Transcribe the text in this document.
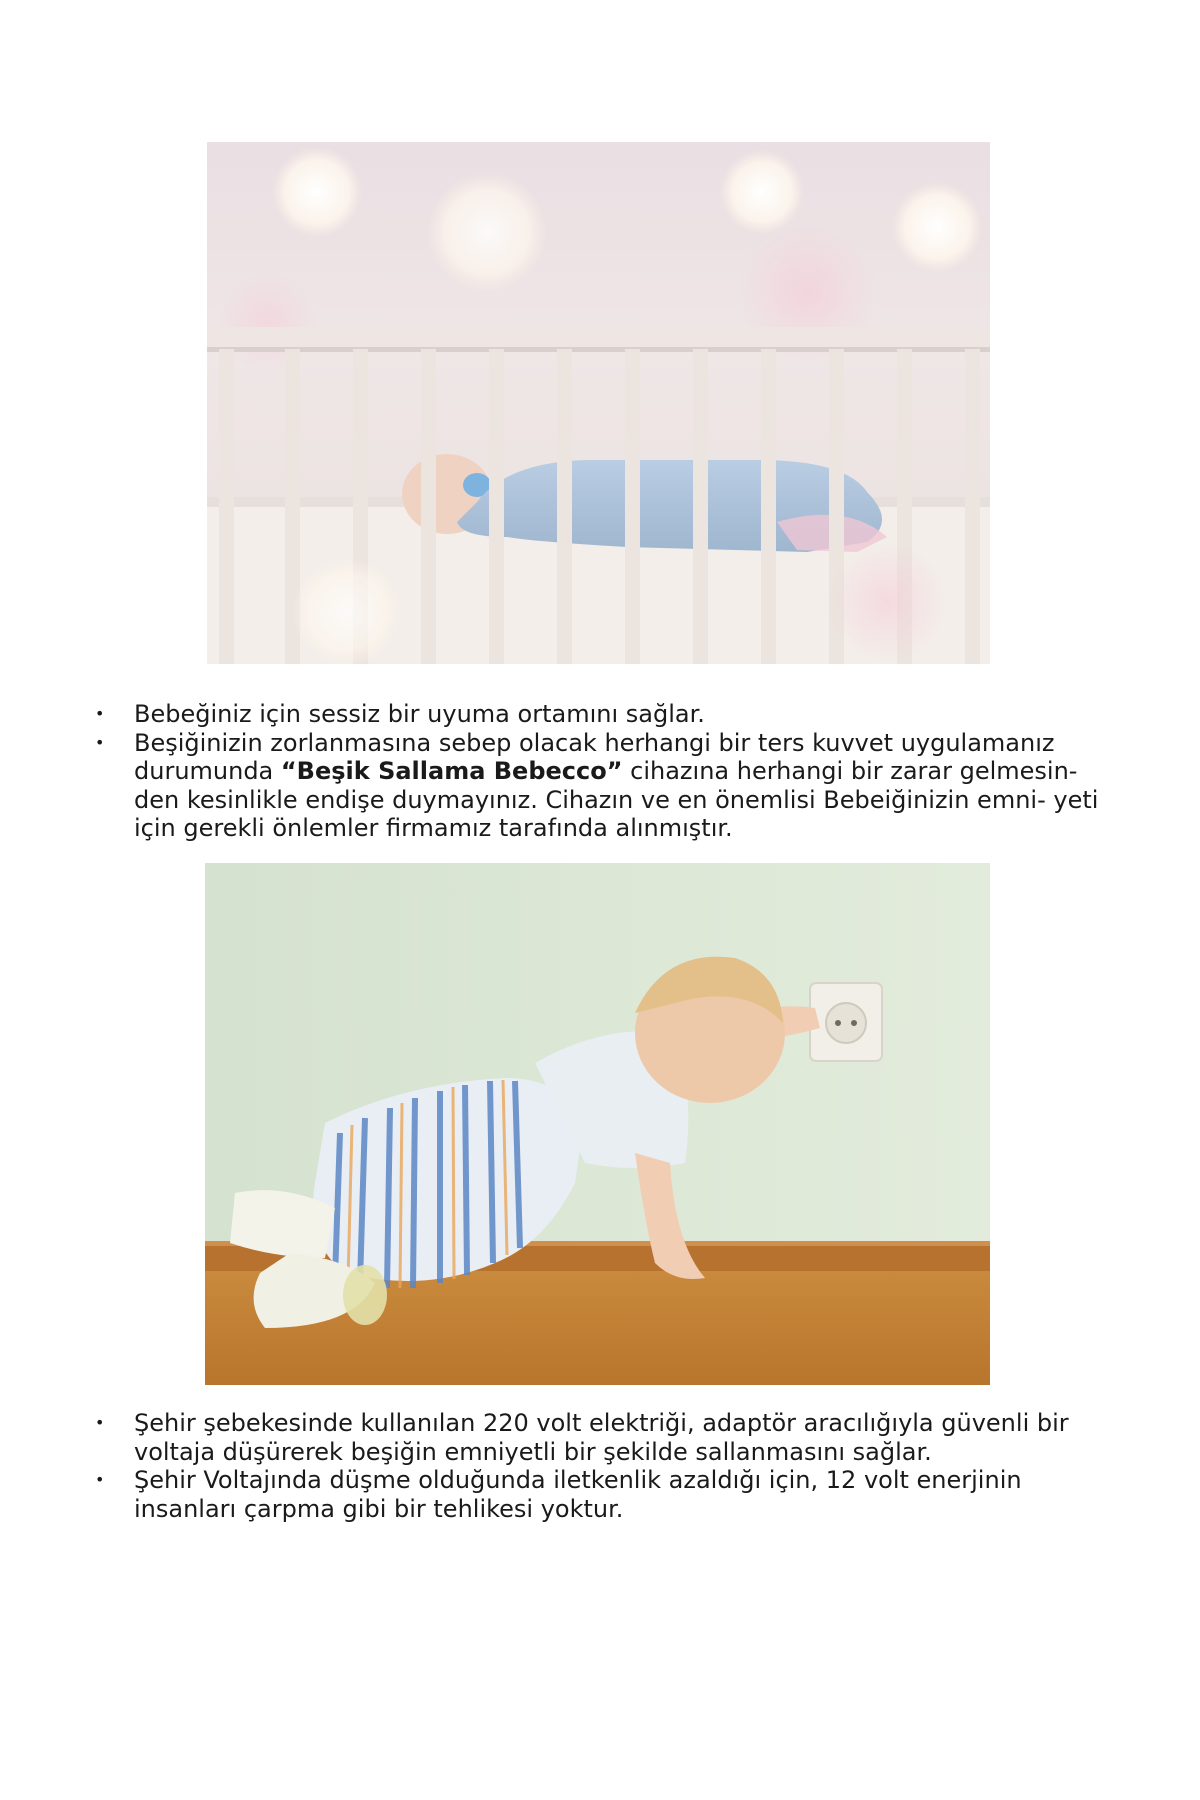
• Bebeğiniz için sessiz bir uyuma ortamını sağlar.
• Beşiğinizin zorlanmasına sebep olacak herhangi bir ters kuvvet uygulamanız durumunda “Beşik Sallama Bebecco” cihazına herhangi bir zarar gelmesin- den kesinlikle endişe duymayınız. Cihazın ve en önemlisi Bebeiğinizin emni- yeti için gerekli önlemler firmamız tarafında alınmıştır.
• Şehir şebekesinde kullanılan 220 volt elektriği, adaptör aracılığıyla güvenli bir voltaja düşürerek beşiğin emniyetli bir şekilde sallanmasını sağlar.
• Şehir Voltajında düşme olduğunda iletkenlik azaldığı için, 12 volt enerjinin insanları çarpma gibi bir tehlikesi yoktur.
